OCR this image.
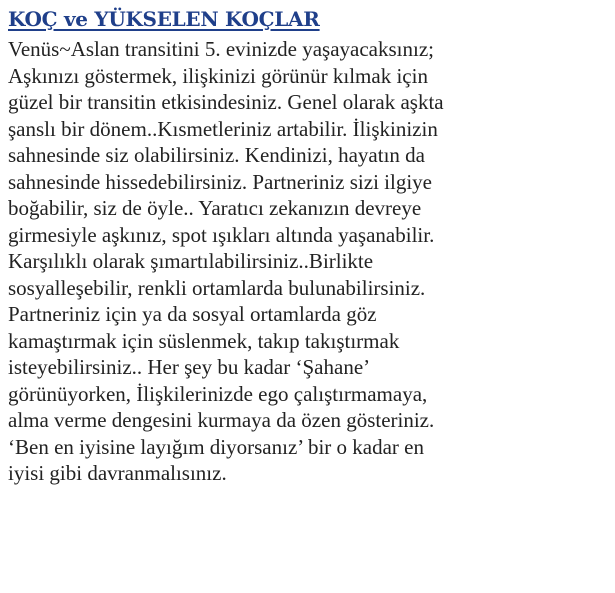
KOÇ ve YÜKSELEN KOÇLAR
Venüs~Aslan transitini 5. evinizde yaşayacaksınız;
Aşkınızı göstermek, ilişkinizi görünür kılmak için
güzel bir transitin etkisindesiniz. Genel olarak aşkta
şanslı bir dönem..Kısmetleriniz artabilir. İlişkinizin
sahnesinde siz olabilirsiniz. Kendinizi, hayatın da
sahnesinde hissedebilirsiniz. Partneriniz sizi ilgiye
boğabilir, siz de öyle.. Yaratıcı zekanızın devreye
girmesiyle aşkınız, spot ışıkları altında yaşanabilir.
Karşılıklı olarak şımartılabilirsiniz..Birlikte
sosyalleşebilir, renkli ortamlarda bulunabilirsiniz.
Partneriniz için ya da sosyal ortamlarda göz
kamaştırmak için süslenmek, takıp takıştırmak
isteyebilirsiniz.. Her şey bu kadar ‘Şahane’
görünüyorken, İlişkilerinizde ego çalıştırmamaya,
alma verme dengesini kurmaya da özen gösteriniz.
‘Ben en iyisine layığım diyorsanız’ bir o kadar en
iyisi gibi davranmalısınız.
